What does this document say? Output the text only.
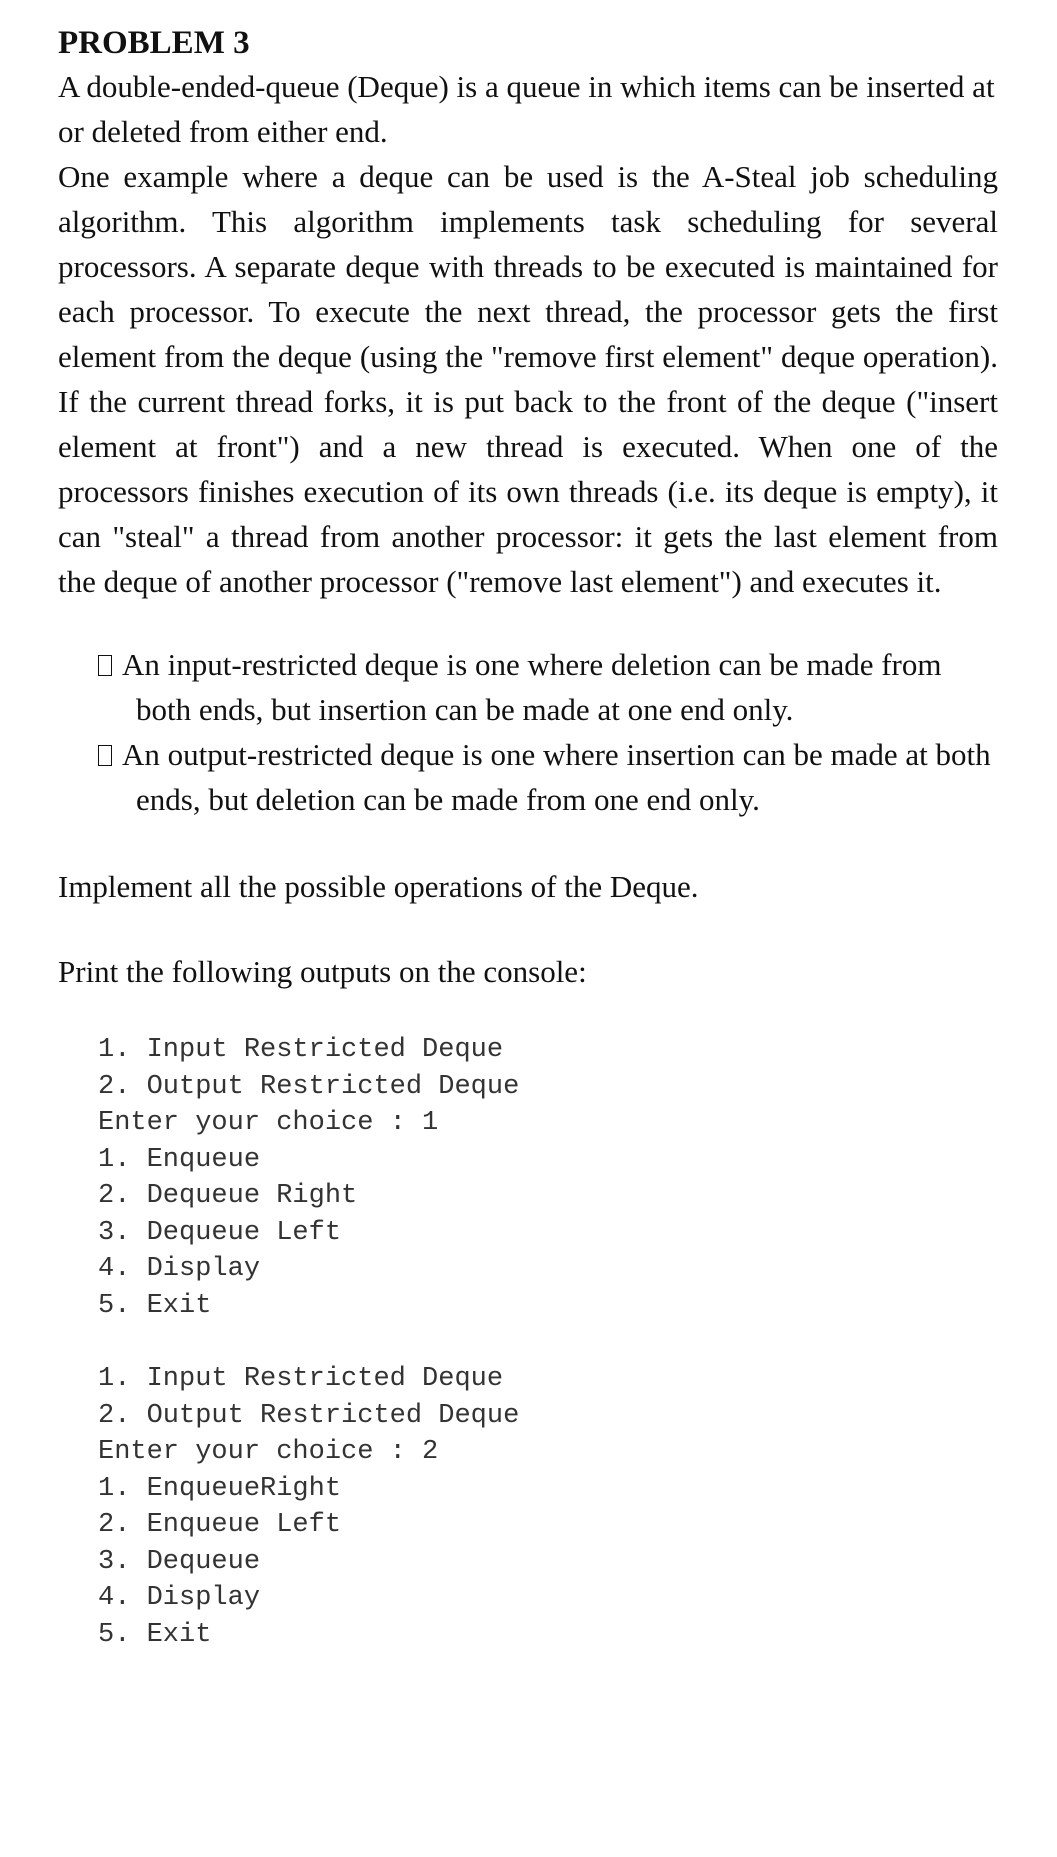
PROBLEM 3

A double-ended-queue (Deque) is a queue in which items can be inserted at or deleted from either end.

One example where a deque can be used is the A-Steal job scheduling algorithm. This algorithm implements task scheduling for several processors. A separate deque with threads to be executed is maintained for each processor. To execute the next thread, the processor gets the first element from the deque (using the "remove first element" deque operation). If the current thread forks, it is put back to the front of the deque ("insert element at front") and a new thread is executed. When one of the processors finishes execution of its own threads (i.e. its deque is empty), it can "steal" a thread from another processor: it gets the last element from the deque of another processor ("remove last element") and executes it.

An input-restricted deque is one where deletion can be made from both ends, but insertion can be made at one end only.
An output-restricted deque is one where insertion can be made at both ends, but deletion can be made from one end only.

Implement all the possible operations of the Deque.

Print the following outputs on the console:

1. Input Restricted Deque
2. Output Restricted Deque
Enter your choice : 1
1. Enqueue
2. Dequeue Right
3. Dequeue Left
4. Display
5. Exit
1. Input Restricted Deque
2. Output Restricted Deque
Enter your choice : 2
1. EnqueueRight
2. Enqueue Left
3. Dequeue
4. Display
5. Exit
